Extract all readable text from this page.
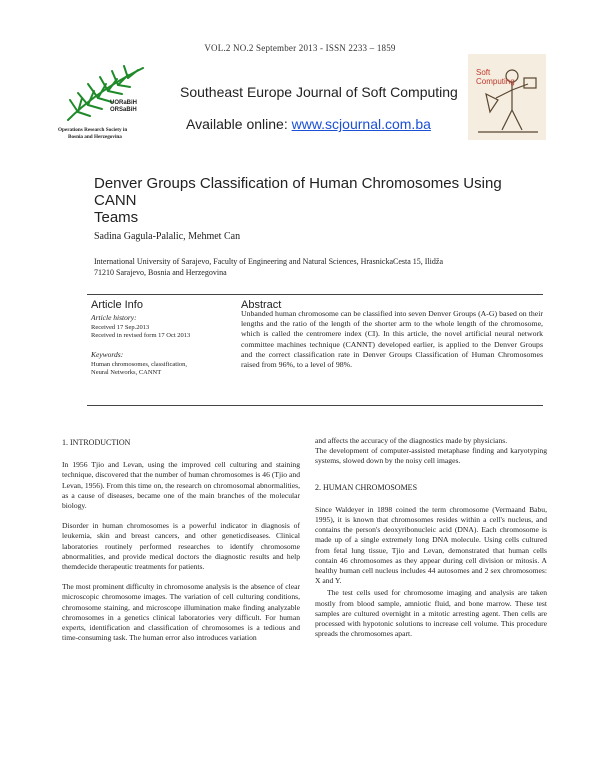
VOL.2 NO.2 September 2013 - ISSN 2233 – 1859
UORaBiH
ORSaBiH
Operations Research Society in
Bosnia and Herzegovina
Southeast Europe Journal of Soft Computing
Available online: www.scjournal.com.ba
Soft
Computing
Denver Groups Classification of Human Chromosomes Using CANN
Teams
Sadina Gagula-Palalic, Mehmet Can
International University of Sarajevo, Faculty of Engineering and Natural Sciences, HrasnickaCesta 15, Ilidža
71210 Sarajevo, Bosnia and Herzegovina
Article Info
Article history:
Received 17 Sep.2013
Received in revised form 17 Oct 2013
Keywords:
Human chromosomes, classification,
Neural Networks, CANNT
Abstract
Unbanded human chromosome can be classified into seven Denver Groups (A-G) based on their lengths and the ratio of the length of the shorter arm to the whole length of the chromosome, which is called the centromere index (CI). In this article, the novel artificial neural network committee machines technique (CANNT) developed earlier, is applied to the Denver Groups and the correct classification rate in Denver Groups Classification of Human Chromosomes raised from 96%, to a level of 98%.

1. INTRODUCTION

In 1956 Tjio and Levan, using the improved cell culturing and staining technique, discovered that the number of human chromosomes is 46 (Tjio and Levan, 1956). From this time on, the research on chromosomal abnormalities, as a cause of diseases, became one of the main branches of the molecular biology.

Disorder in human chromosomes is a powerful indicator in diagnosis of leukemia, skin and breast cancers, and other geneticdiseases. Clinical laboratories routinely performed researches to identify chromosome abnormalities, and provide medical doctors the diagnostic results and help themdecide therapeutic treatments for patients.

The most prominent difficulty in chromosome analysis is the absence of clear microscopic chromosome images. The variation of cell culturing conditions, chromosome staining, and microscope illumination make finding analyzable chromosomes in a genetics clinical laboratories very difficult. For human experts, identification and classification of chromosomes is a tedious and time-consuming task. The human error also introduces variation

and affects the accuracy of the diagnostics made by physicians.

The development of computer-assisted metaphase finding and karyotyping systems, slowed down by the noisy cell images.

2. HUMAN CHROMOSOMES

Since Waldeyer in 1898 coined the term chromosome (Vermaand Babu, 1995), it is known that chromosomes resides within a cell's nucleus, and contains the person's deoxyribonucleic acid (DNA). Each chromosome is made up of a single extremely long DNA molecule. Using cells cultured from fetal lung tissue, Tjio and Levan, demonstrated that human cells contain 46 chromosomes as they appear during cell division or mitosis. A healthy human cell nucleus includes 44 autosomes and 2 sex chromosomes: X and Y.

The test cells used for chromosome imaging and analysis are taken mostly from blood sample, amniotic fluid, and bone marrow. These test samples are cultured overnight in a mitotic arresting agent. Then cells are processed with hypotonic solutions to increase cell volume. This procedure spreads the chromosomes apart.
